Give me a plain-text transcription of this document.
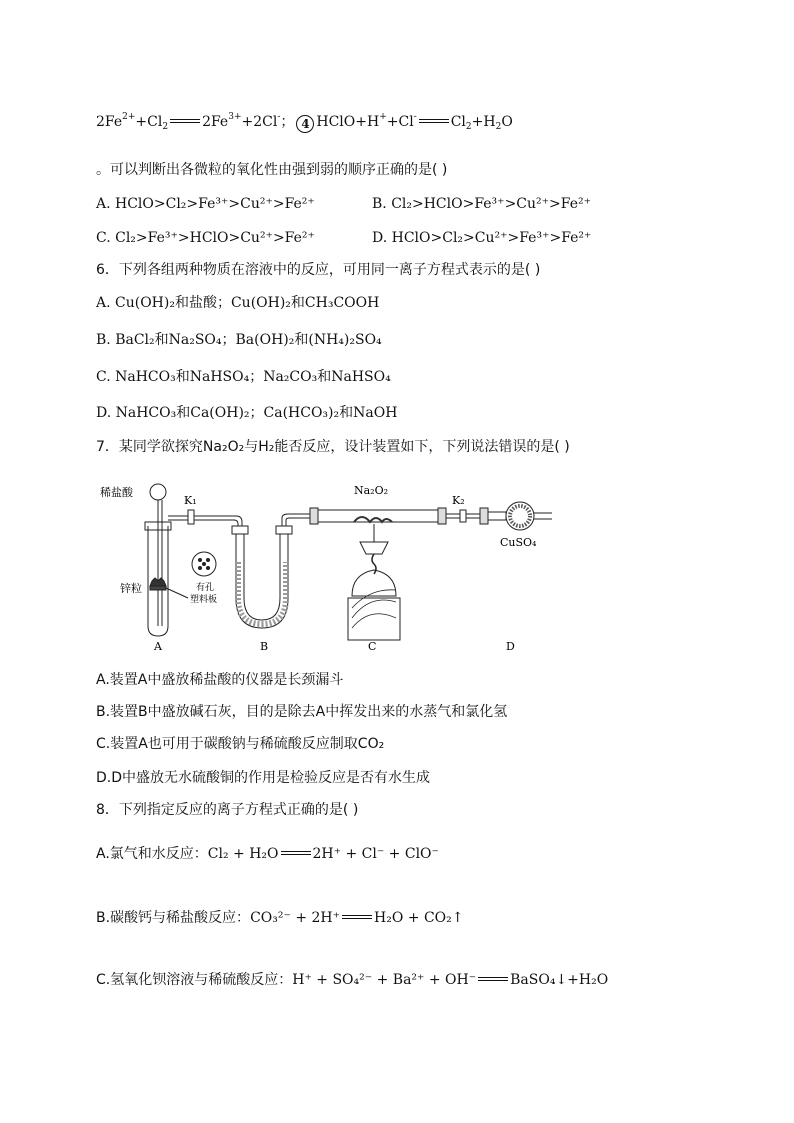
$2Fe^{2+}+Cl_2$ $2Fe^{3+}+2Cl^-$； 4 HClO+H++Cl- $Cl_2+H_2O$
。可以判断出各微粒的氧化性由强到弱的顺序正确的是( )
A. HClO>Cl₂>Fe³⁺>Cu²⁺>Fe²⁺	B. Cl₂>HClO>Fe³⁺>Cu²⁺>Fe²⁺
C. Cl₂>Fe³⁺>HClO>Cu²⁺>Fe²⁺	D. HClO>Cl₂>Cu²⁺>Fe³⁺>Fe²⁺
6．下列各组两种物质在溶液中的反应，可用同一离子方程式表示的是( )
A. Cu(OH)₂和盐酸；Cu(OH)₂和CH₃COOH
B. BaCl₂和Na₂SO₄；Ba(OH)₂和(NH₄)₂SO₄
C. NaHCO₃和NaHSO₄；Na₂CO₃和NaHSO₄
D. NaHCO₃和Ca(OH)₂；Ca(HCO₃)₂和NaOH
7．某同学欲探究Na₂O₂与H₂能否反应，设计装置如下，下列说法错误的是( )
稀盐酸
K₁
锌粒	有孔
塑料板
Na₂O₂
K₂
CuSO₄
A	B	C	D
A.装置A中盛放稀盐酸的仪器是长颈漏斗
B.装置B中盛放碱石灰，目的是除去A中挥发出来的水蒸气和氯化氢
C.装置A也可用于碳酸钠与稀硫酸反应制取CO₂
D.D中盛放无水硫酸铜的作用是检验反应是否有水生成
8．下列指定反应的离子方程式正确的是( )
A.氯气和水反应：Cl₂ + H₂O 2H⁺ + Cl⁻ + ClO⁻
B.碳酸钙与稀盐酸反应：CO₃²⁻ + 2H⁺ H₂O + CO₂↑
C.氢氧化钡溶液与稀硫酸反应：H⁺ + SO₄²⁻ + Ba²⁺ + OH⁻ BaSO₄↓+H₂O
